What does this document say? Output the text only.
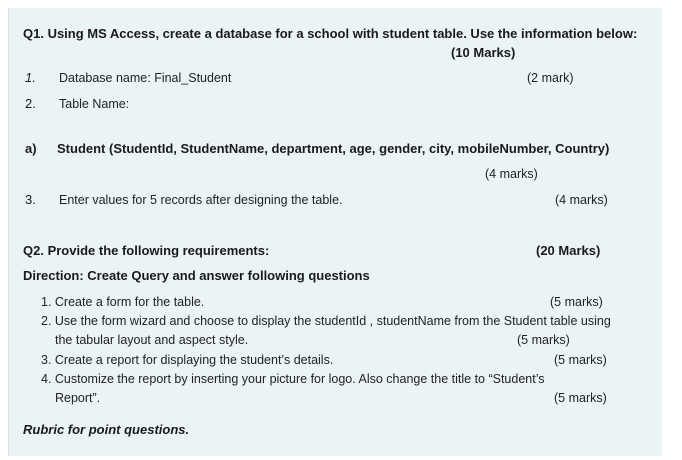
Q1. Using MS Access, create a database for a school with student table. Use the information below:
(10 Marks)
1. Database name: Final_Student	(2 mark)
2. Table Name:
a) Student (StudentId, StudentName, department, age, gender, city, mobileNumber, Country)
(4 marks)
3. Enter values for 5 records after designing the table.	(4 marks)
Q2. Provide the following requirements:	(20 Marks)
Direction: Create Query and answer following questions
1. Create a form for the table.	(5 marks)
2. Use the form wizard and choose to display the studentId , studentName from the Student table using
the tabular layout and aspect style.	(5 marks)
3. Create a report for displaying the student’s details.	(5 marks)
4. Customize the report by inserting your picture for logo. Also change the title to “Student’s
Report”.	(5 marks)
Rubric for point questions.
